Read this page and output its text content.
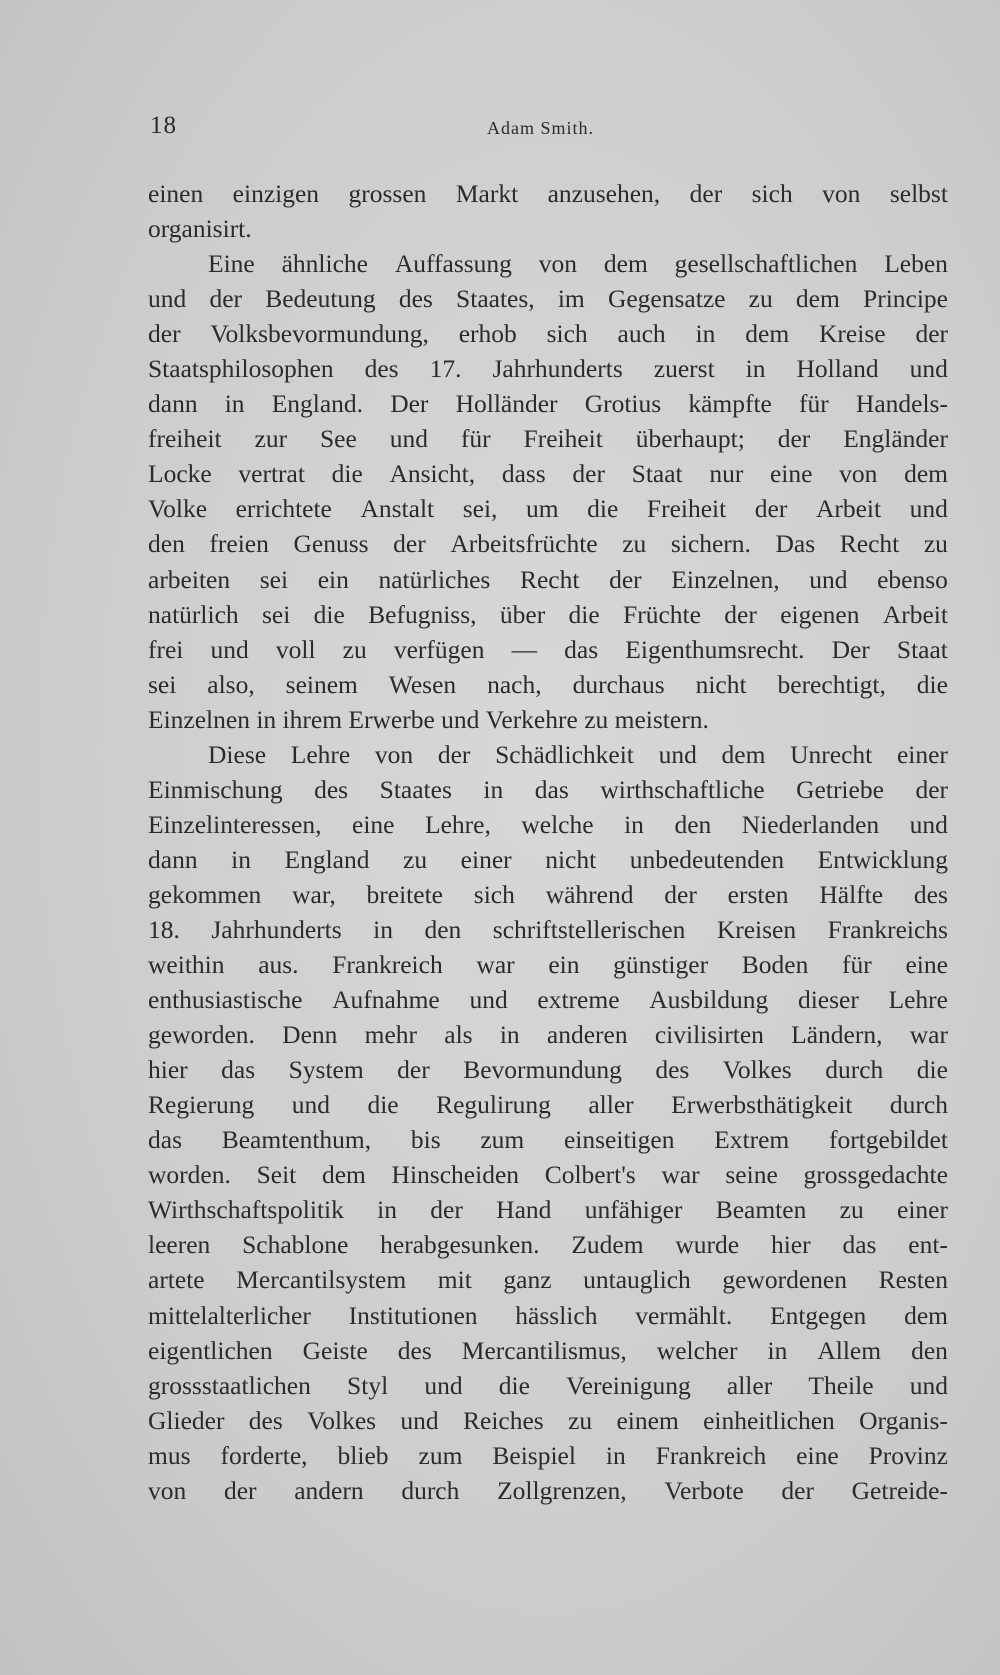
18	Adam Smith.
einen einzigen grossen Markt anzusehen, der sich von selbst
organisirt.
Eine ähnliche Auffassung von dem gesellschaftlichen Leben
und der Bedeutung des Staates, im Gegensatze zu dem Principe
der Volksbevormundung, erhob sich auch in dem Kreise der
Staatsphilosophen des 17. Jahrhunderts zuerst in Holland und
dann in England. Der Holländer Grotius kämpfte für Handels-
freiheit zur See und für Freiheit überhaupt; der Engländer
Locke vertrat die Ansicht, dass der Staat nur eine von dem
Volke errichtete Anstalt sei, um die Freiheit der Arbeit und
den freien Genuss der Arbeitsfrüchte zu sichern. Das Recht zu
arbeiten sei ein natürliches Recht der Einzelnen, und ebenso
natürlich sei die Befugniss, über die Früchte der eigenen Arbeit
frei und voll zu verfügen — das Eigenthumsrecht. Der Staat
sei also, seinem Wesen nach, durchaus nicht berechtigt, die
Einzelnen in ihrem Erwerbe und Verkehre zu meistern.
Diese Lehre von der Schädlichkeit und dem Unrecht einer
Einmischung des Staates in das wirthschaftliche Getriebe der
Einzelinteressen, eine Lehre, welche in den Niederlanden und
dann in England zu einer nicht unbedeutenden Entwicklung
gekommen war, breitete sich während der ersten Hälfte des
18. Jahrhunderts in den schriftstellerischen Kreisen Frankreichs
weithin aus. Frankreich war ein günstiger Boden für eine
enthusiastische Aufnahme und extreme Ausbildung dieser Lehre
geworden. Denn mehr als in anderen civilisirten Ländern, war
hier das System der Bevormundung des Volkes durch die
Regierung und die Regulirung aller Erwerbsthätigkeit durch
das Beamtenthum, bis zum einseitigen Extrem fortgebildet
worden. Seit dem Hinscheiden Colbert's war seine grossgedachte
Wirthschaftspolitik in der Hand unfähiger Beamten zu einer
leeren Schablone herabgesunken. Zudem wurde hier das ent-
artete Mercantilsystem mit ganz untauglich gewordenen Resten
mittelalterlicher Institutionen hässlich vermählt. Entgegen dem
eigentlichen Geiste des Mercantilismus, welcher in Allem den
grossstaatlichen Styl und die Vereinigung aller Theile und
Glieder des Volkes und Reiches zu einem einheitlichen Organis-
mus forderte, blieb zum Beispiel in Frankreich eine Provinz
von der andern durch Zollgrenzen, Verbote der Getreide-
